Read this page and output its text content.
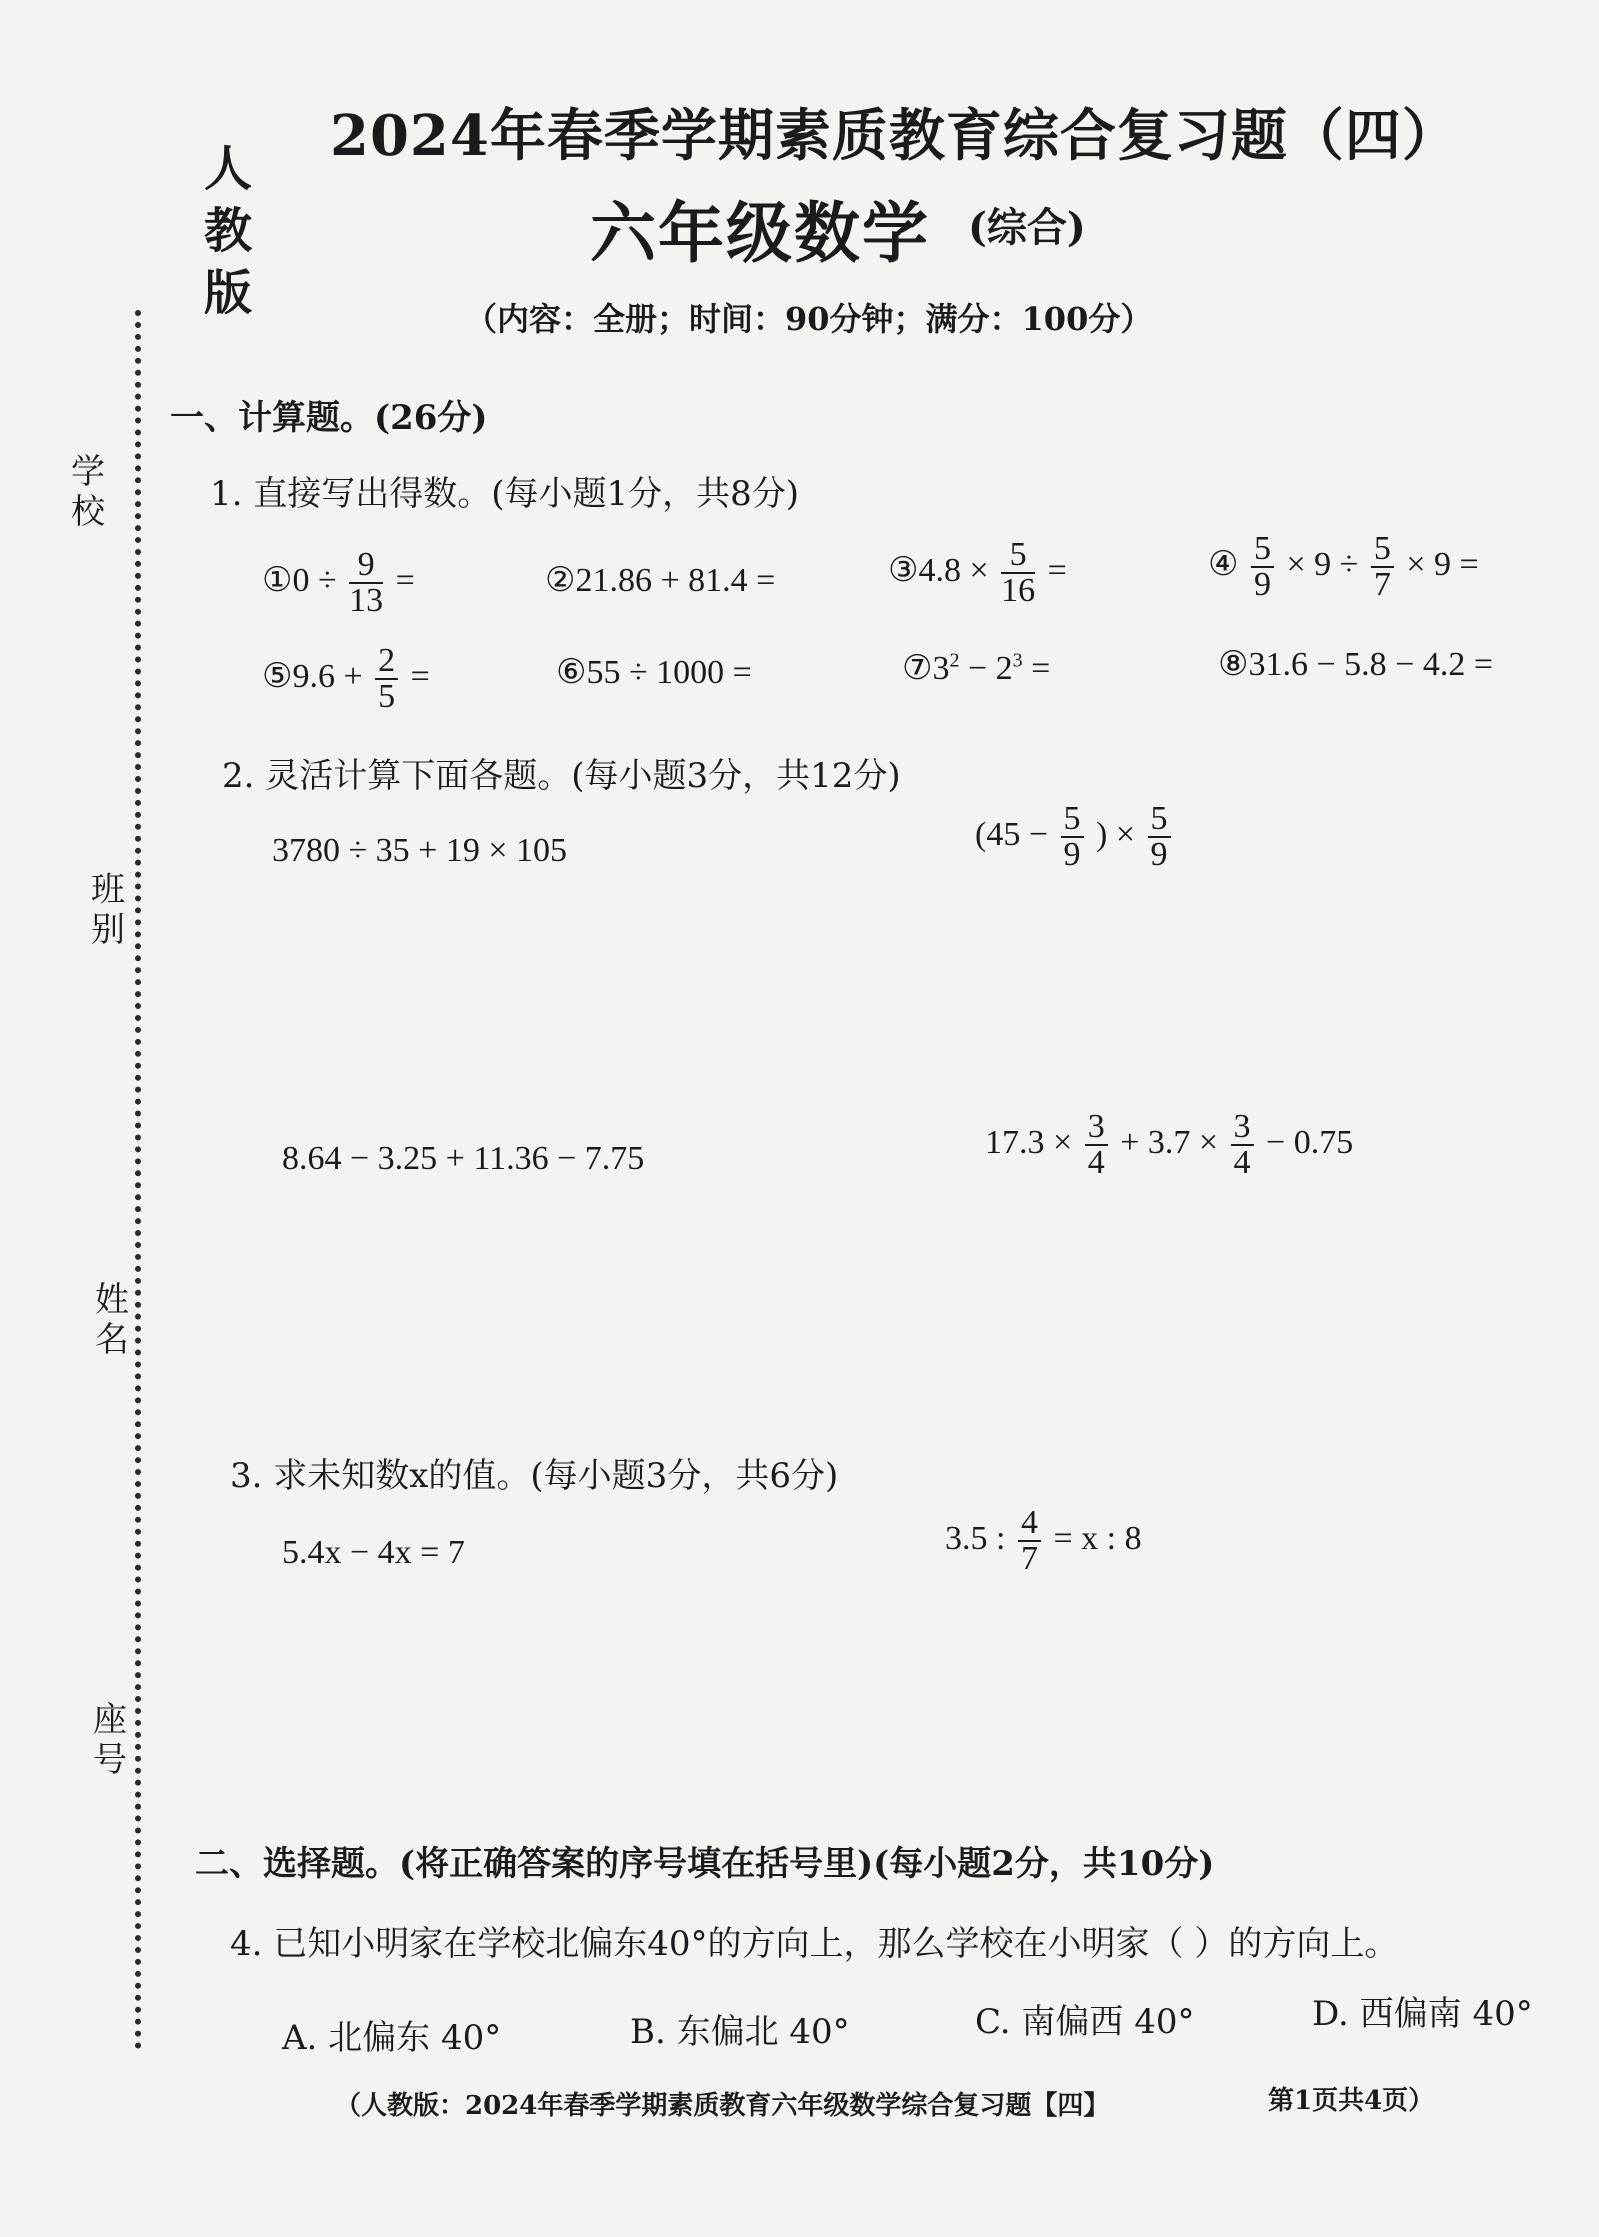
2024年春季学期素质教育综合复习题（四）
人教版
六年级数学 (综合)
（内容：全册；时间：90分钟；满分：100分）
学校
班别
姓名
座号
一、计算题。(26分)
1. 直接写出得数。(每小题1分，共8分)
①0 ÷ $\frac{9}{13}$ =	②21.86 + 81.4 =	③4.8 × $\frac{5}{16}$ =	④ $\frac{5}{9} \times 9 \div \frac{5}{7} \times 9$ =
⑤9.6 + $\frac{2}{5}$ =	⑥55 ÷ 1000 =	$⑦3^2 - 2^3$ =	⑧31.6 − 5.8 − 4.2 =
2. 灵活计算下面各题。(每小题3分，共12分)
3780 ÷ 35 + 19 × 105	($45 - \frac{5}{9}$ ) × $\frac{5}{9}$
8.64 − 3.25 + 11.36 − 7.75	$17.3 \times \frac{3}{4} + 3.7 \times \frac{3}{4} - 0.75$
3. 求未知数x的值。(每小题3分，共6分)
5.4x − 4x = 7	3.5 : $\frac{4}{7} = x$ : 8
二、选择题。(将正确答案的序号填在括号里)(每小题2分，共10分)
4. 已知小明家在学校北偏东40°的方向上，那么学校在小明家（ ）的方向上。
A. 北偏东 40°	B. 东偏北 40°	C. 南偏西 40°	D. 西偏南 40°
（人教版：2024年春季学期素质教育六年级数学综合复习题【四】	第1页共4页）
